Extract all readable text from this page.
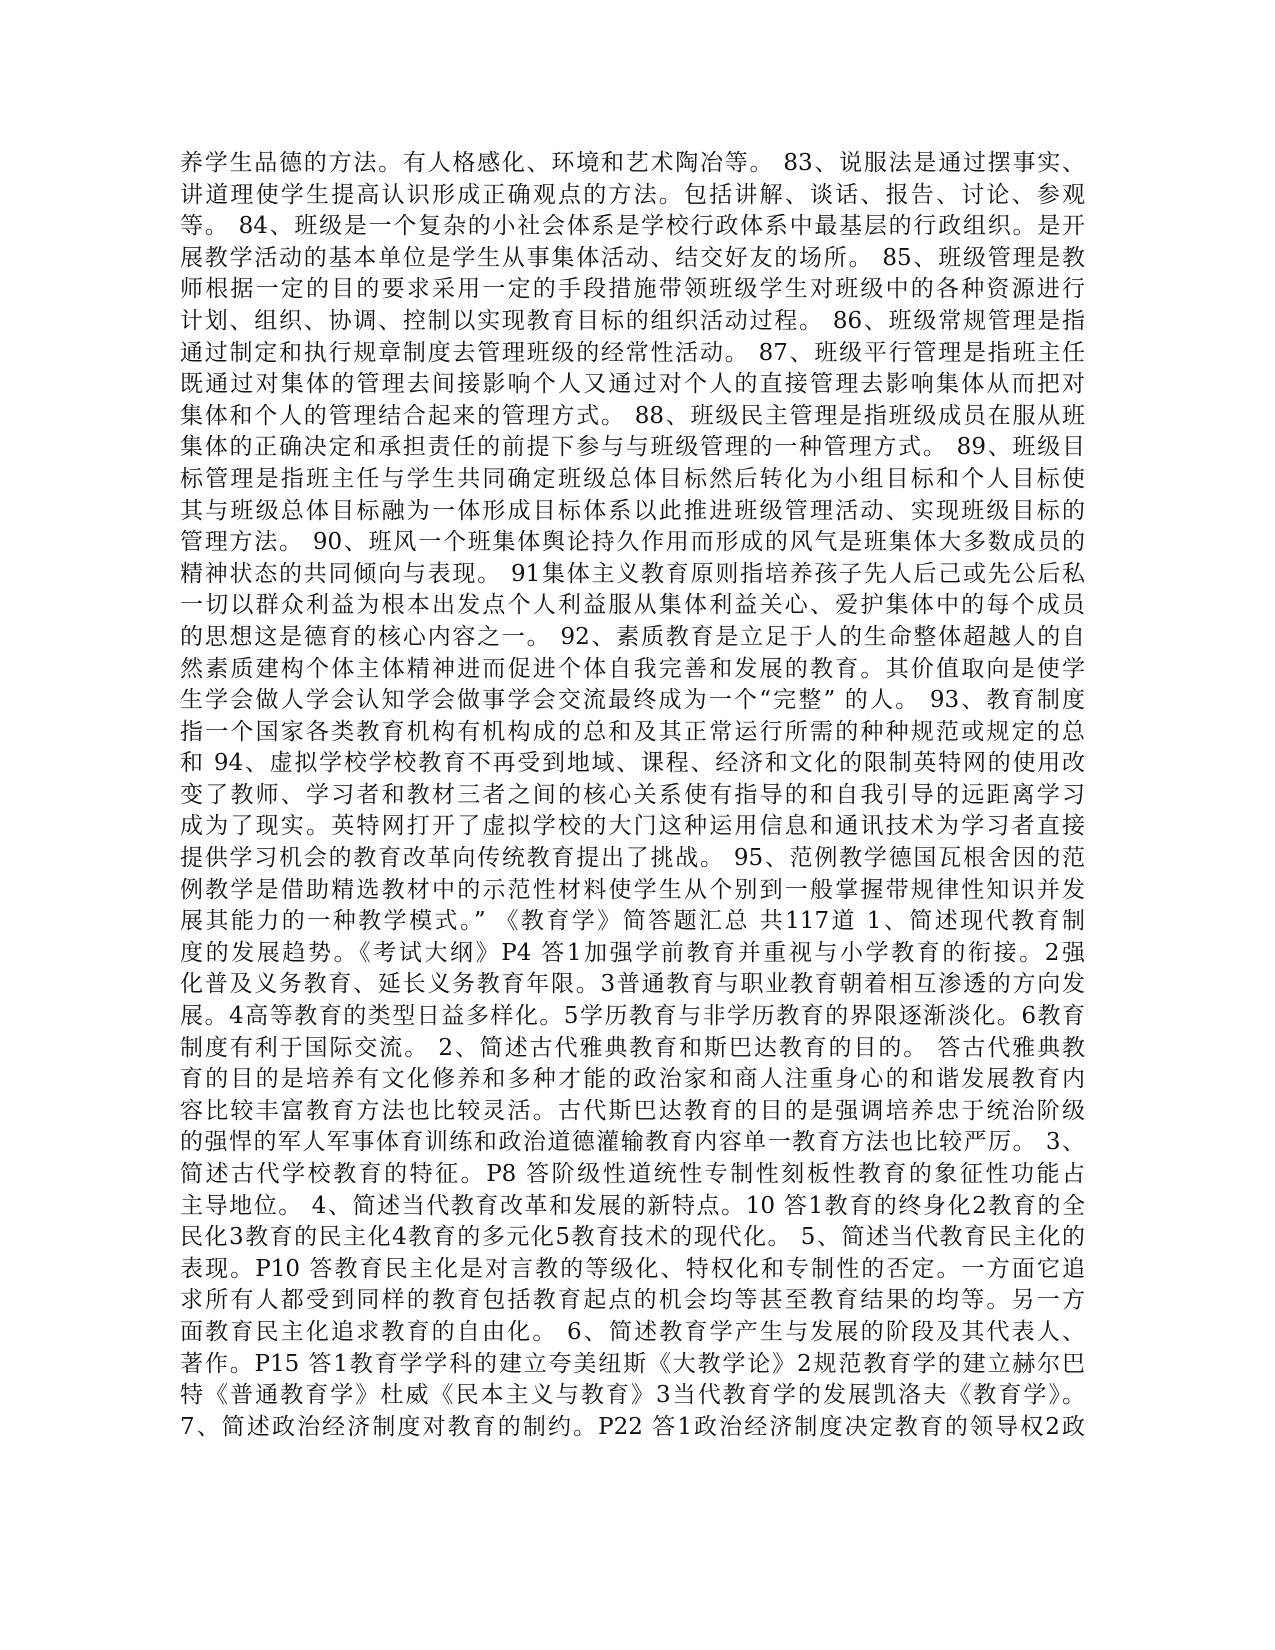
养学生品德的方法。有人格感化、环境和艺术陶冶等。 83、说服法是通过摆事实、
讲道理使学生提高认识形成正确观点的方法。包括讲解、谈话、报告、讨论、参观
等。 84、班级是一个复杂的小社会体系是学校行政体系中最基层的行政组织。是开
展教学活动的基本单位是学生从事集体活动、结交好友的场所。 85、班级管理是教
师根据一定的目的要求采用一定的手段措施带领班级学生对班级中的各种资源进行
计划、组织、协调、控制以实现教育目标的组织活动过程。 86、班级常规管理是指
通过制定和执行规章制度去管理班级的经常性活动。 87、班级平行管理是指班主任
既通过对集体的管理去间接影响个人又通过对个人的直接管理去影响集体从而把对
集体和个人的管理结合起来的管理方式。 88、班级民主管理是指班级成员在服从班
集体的正确决定和承担责任的前提下参与与班级管理的一种管理方式。 89、班级目
标管理是指班主任与学生共同确定班级总体目标然后转化为小组目标和个人目标使
其与班级总体目标融为一体形成目标体系以此推进班级管理活动、实现班级目标的
管理方法。 90、班风一个班集体舆论持久作用而形成的风气是班集体大多数成员的
精神状态的共同倾向与表现。 91集体主义教育原则指培养孩子先人后己或先公后私
一切以群众利益为根本出发点个人利益服从集体利益关心、爱护集体中的每个成员
的思想这是德育的核心内容之一。 92、素质教育是立足于人的生命整体超越人的自
然素质建构个体主体精神进而促进个体自我完善和发展的教育。其价值取向是使学
生学会做人学会认知学会做事学会交流最终成为一个“完整” 的人。 93、教育制度
指一个国家各类教育机构有机构成的总和及其正常运行所需的种种规范或规定的总
和 94、虚拟学校学校教育不再受到地域、课程、经济和文化的限制英特网的使用改
变了教师、学习者和教材三者之间的核心关系使有指导的和自我引导的远距离学习
成为了现实。英特网打开了虚拟学校的大门这种运用信息和通讯技术为学习者直接
提供学习机会的教育改革向传统教育提出了挑战。 95、范例教学德国瓦根舍因的范
例教学是借助精选教材中的示范性材料使学生从个别到一般掌握带规律性知识并发
展其能力的一种教学模式。” 《教育学》简答题汇总 共117道 1、简述现代教育制
度的发展趋势。《考试大纲》P4 答1加强学前教育并重视与小学教育的衔接。2强
化普及义务教育、延长义务教育年限。3普通教育与职业教育朝着相互渗透的方向发
展。4高等教育的类型日益多样化。5学历教育与非学历教育的界限逐渐淡化。6教育
制度有利于国际交流。 2、简述古代雅典教育和斯巴达教育的目的。 答古代雅典教
育的目的是培养有文化修养和多种才能的政治家和商人注重身心的和谐发展教育内
容比较丰富教育方法也比较灵活。古代斯巴达教育的目的是强调培养忠于统治阶级
的强悍的军人军事体育训练和政治道德灌输教育内容单一教育方法也比较严厉。 3、
简述古代学校教育的特征。P8 答阶级性道统性专制性刻板性教育的象征性功能占
主导地位。 4、简述当代教育改革和发展的新特点。10 答1教育的终身化2教育的全
民化3教育的民主化4教育的多元化5教育技术的现代化。 5、简述当代教育民主化的
表现。P10 答教育民主化是对言教的等级化、特权化和专制性的否定。一方面它追
求所有人都受到同样的教育包括教育起点的机会均等甚至教育结果的均等。另一方
面教育民主化追求教育的自由化。 6、简述教育学产生与发展的阶段及其代表人、
著作。P15 答1教育学学科的建立夸美纽斯《大教学论》2规范教育学的建立赫尔巴
特《普通教育学》杜威《民本主义与教育》3当代教育学的发展凯洛夫《教育学》。
7、简述政治经济制度对教育的制约。P22 答1政治经济制度决定教育的领导权2政
